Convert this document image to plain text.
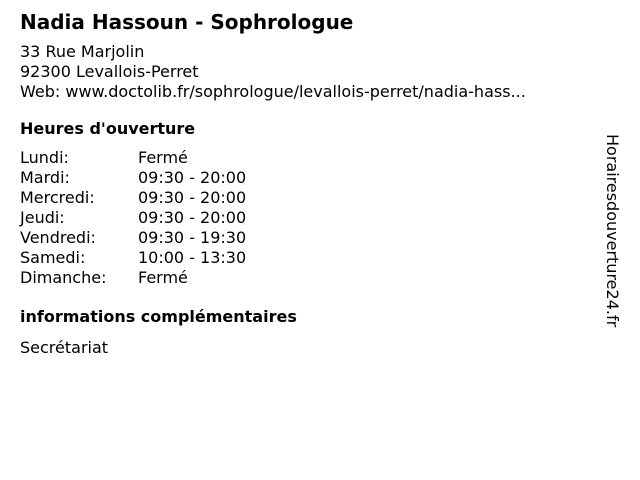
Nadia Hassoun - Sophrologue
33 Rue Marjolin
92300 Levallois-Perret
Web: www.doctolib.fr/sophrologue/levallois-perret/nadia-hass...
Heures d'ouverture
Lundi:	Fermé
Mardi:	09:30 - 20:00
Mercredi:	09:30 - 20:00
Jeudi:	09:30 - 20:00
Vendredi:	09:30 - 19:30
Samedi:	10:00 - 13:30
Dimanche:	Fermé
informations complémentaires
Secrétariat
Horairesdouverture24.fr
